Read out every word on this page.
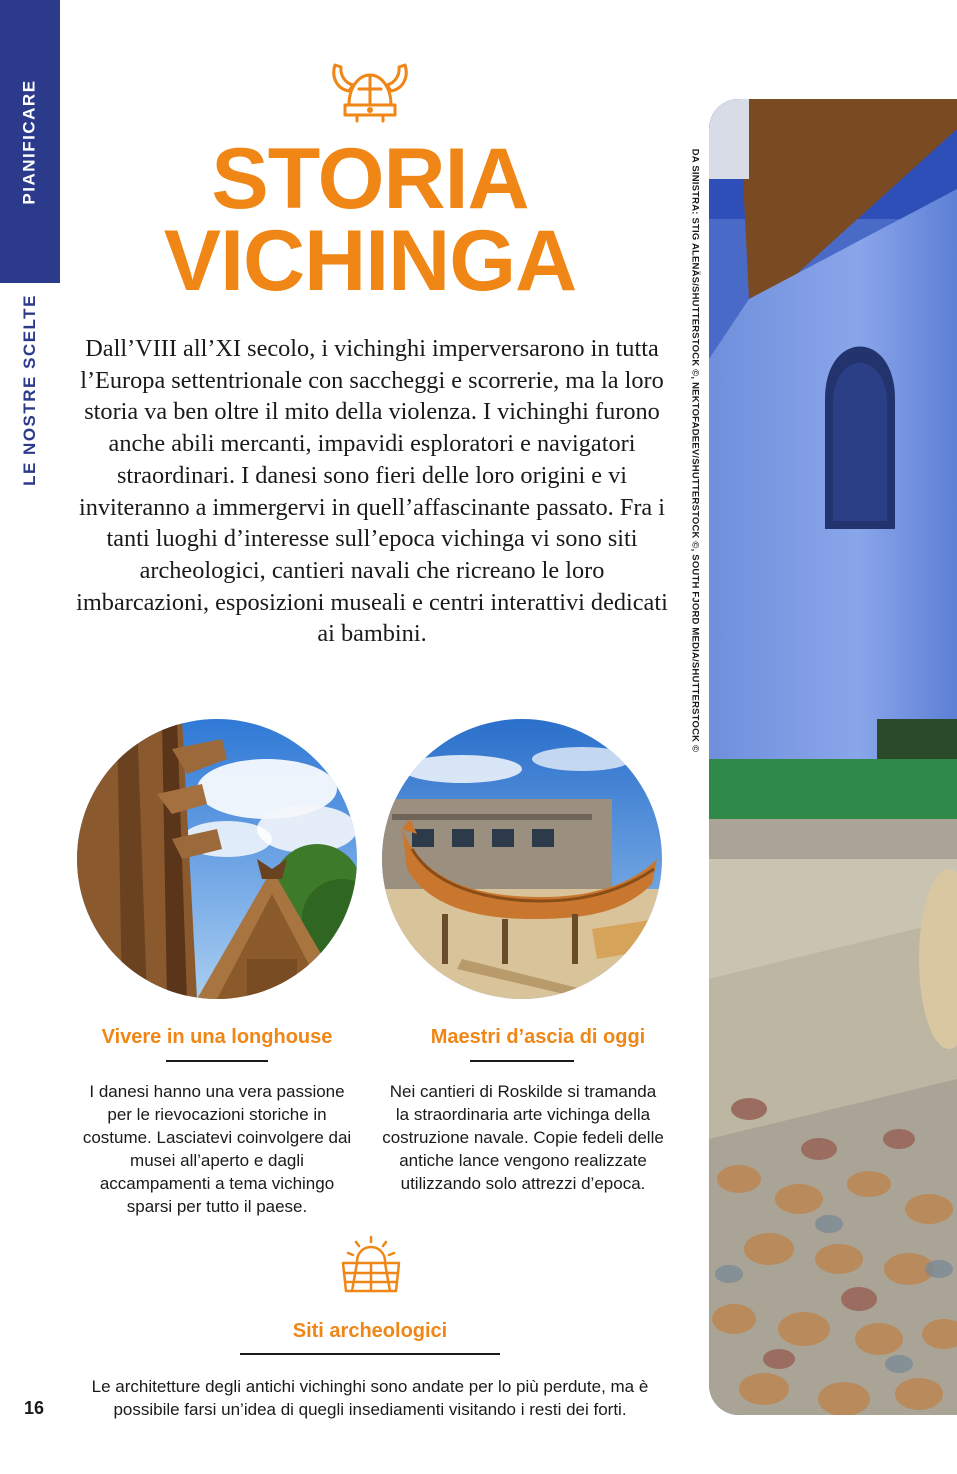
PIANIFICARE
LE NOSTRE SCELTE
STORIA
VICHINGA
Dall’VIII all’XI secolo, i vichinghi imperversarono in tutta l’Europa settentrionale con saccheggi e scorrerie, ma la loro storia va ben oltre il mito della violenza. I vichinghi furono anche abili mercanti, impavidi esploratori e navigatori straordinari. I danesi sono fieri delle loro origini e vi inviteranno a immergervi in quell’affascinante passato. Fra i tanti luoghi d’interesse sull’epoca vichinga vi sono siti archeologici, cantieri navali che ricreano le loro imbarcazioni, esposizioni museali e centri interattivi dedicati ai bambini.
Vivere in una longhouse
I danesi hanno una vera passione per le rievocazioni storiche in costume. Lasciatevi coinvolgere dai musei all’aperto e dagli accampamenti a tema vichingo sparsi per tutto il paese.
Maestri d’ascia di oggi
Nei cantieri di Roskilde si tramanda la straordinaria arte vichinga della costruzione navale. Copie fedeli delle antiche lance vengono realizzate utilizzando solo attrezzi d’epoca.
Siti archeologici
Le architetture degli antichi vichinghi sono andate per lo più perdute, ma è possibile farsi un’idea di quegli insediamenti visitando i resti dei forti.
16
DA SINISTRA: STIG ALENÄS/SHUTTERSTOCK ©, NEKTOFADEEV/SHUTTERSTOCK ©, SOUTH FJORD MEDIA/SHUTTERSTOCK ©
